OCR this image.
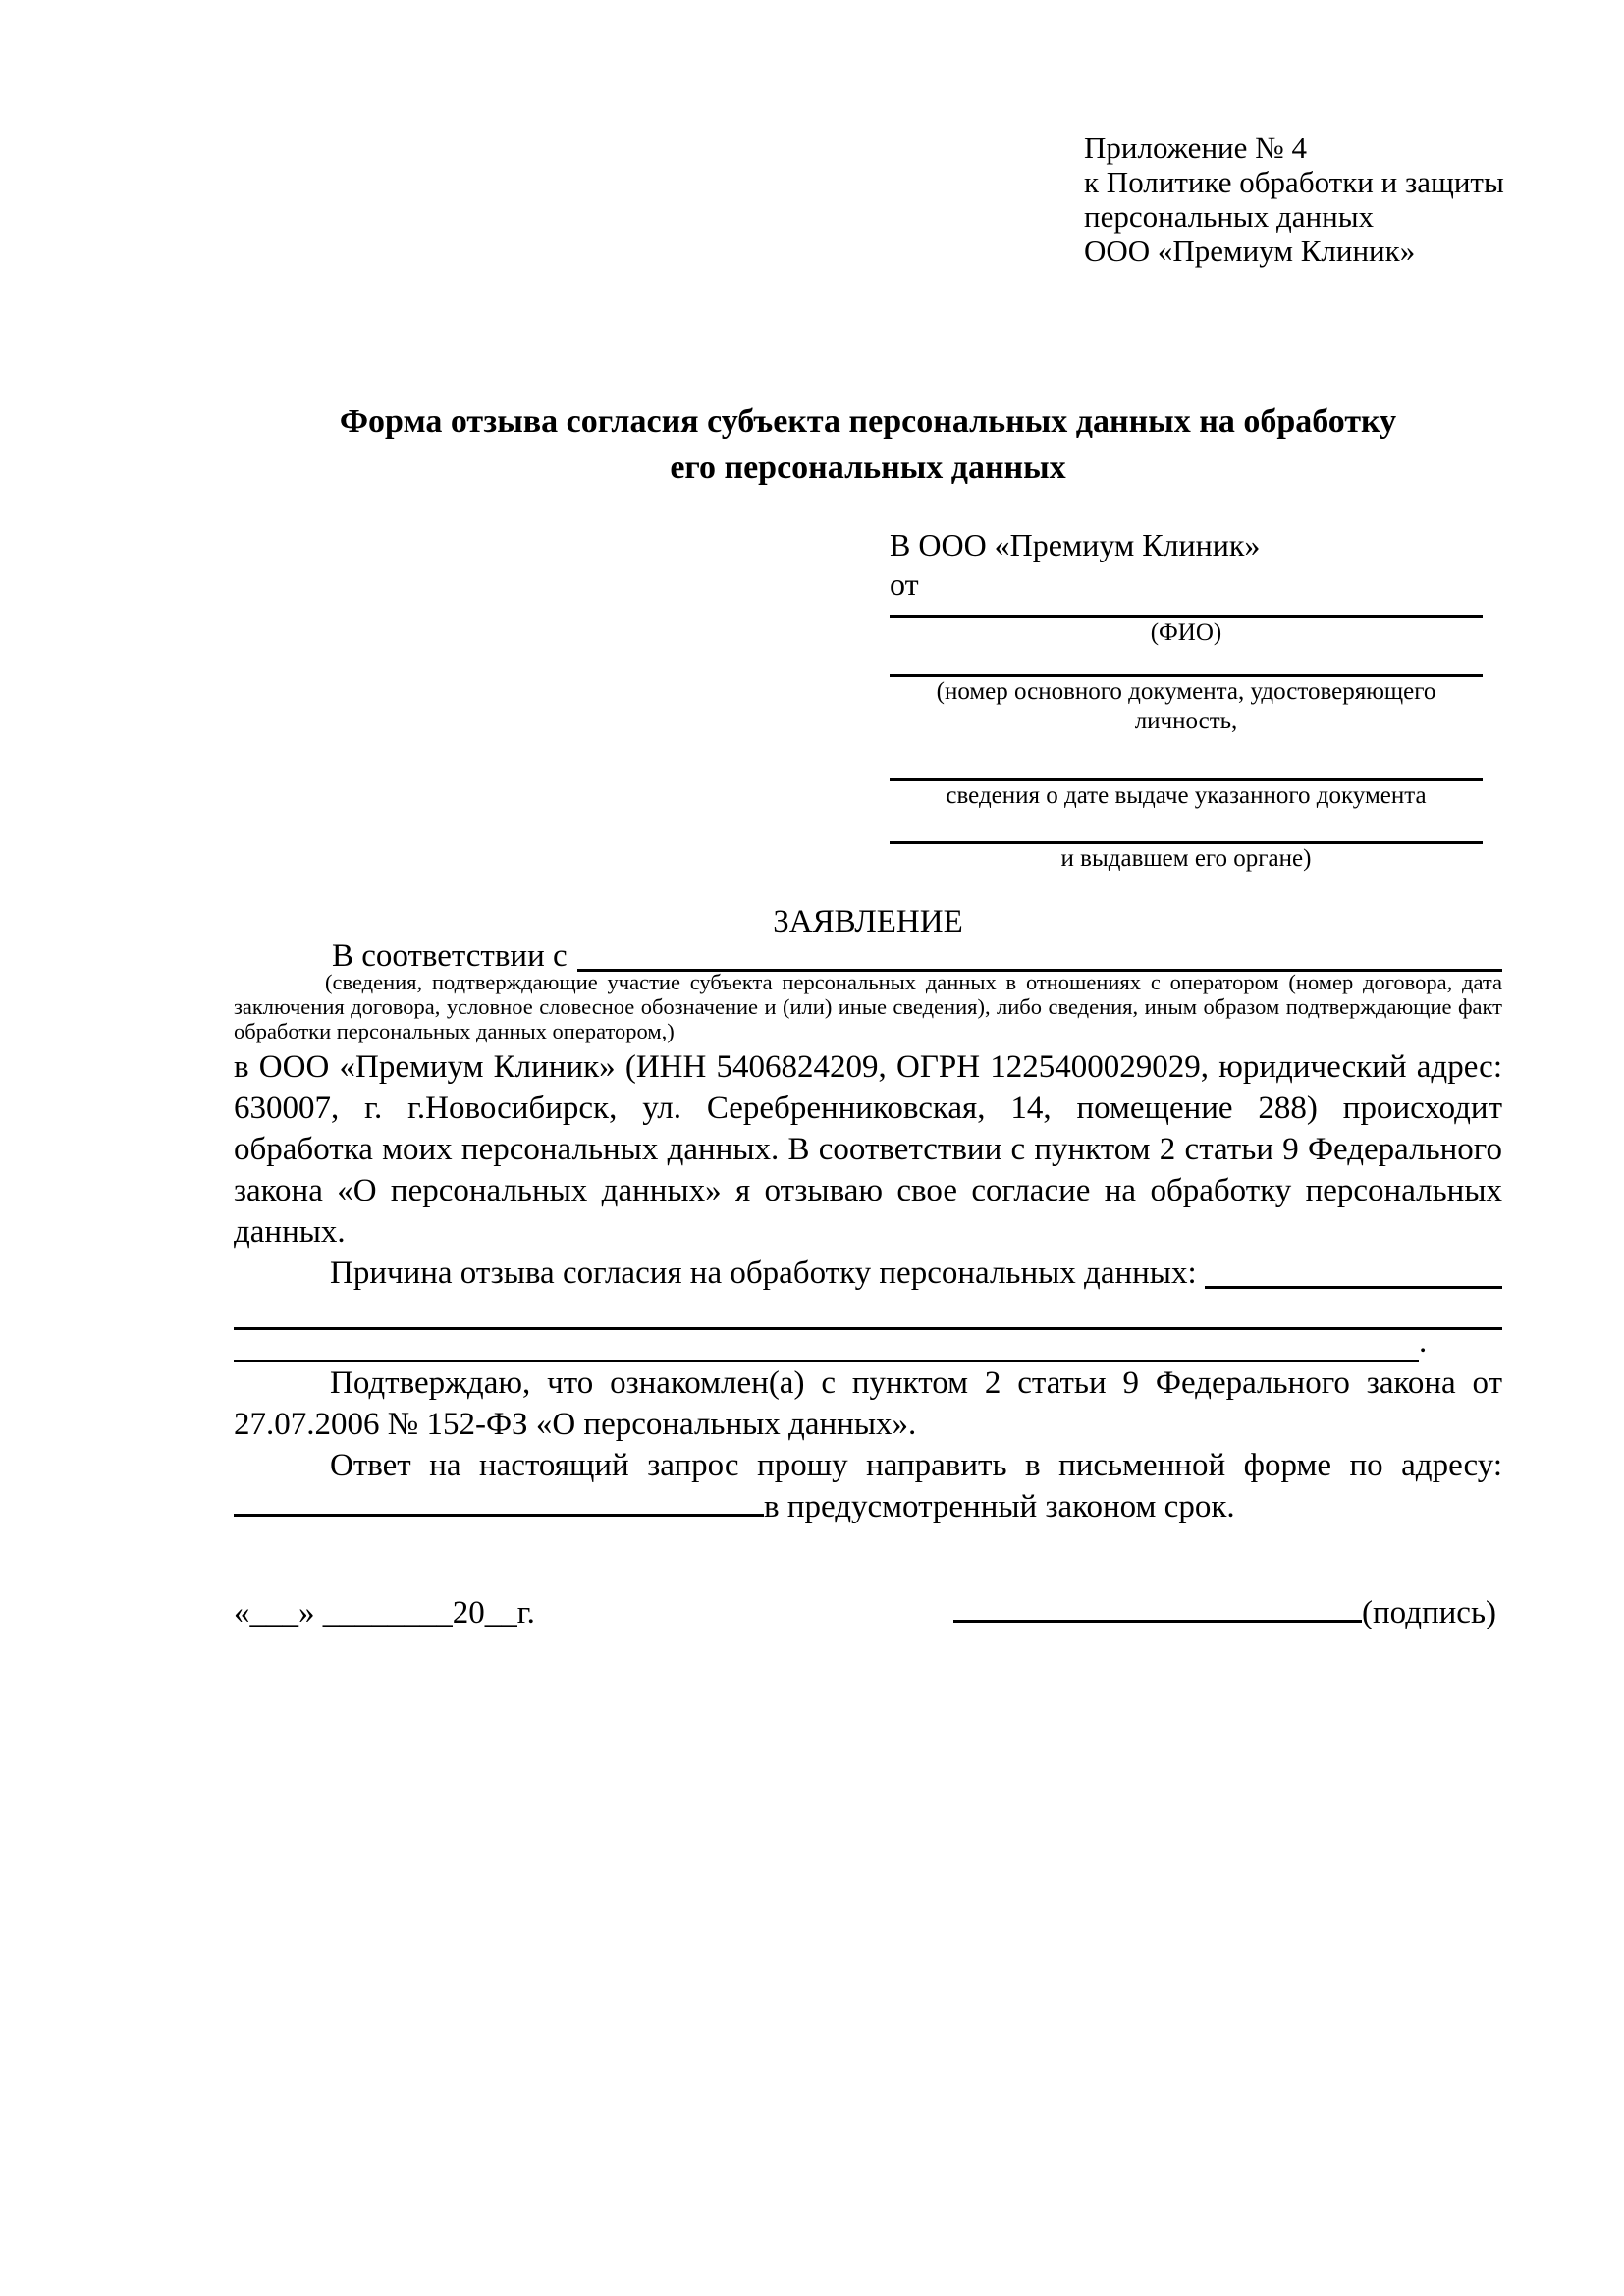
Приложение № 4
к Политике обработки и защиты
персональных данных
ООО «Премиум Клиник»
Форма отзыва согласия субъекта персональных данных на обработку
его персональных данных
В ООО «Премиум Клиник»
от
(ФИО)
(номер основного документа, удостоверяющего личность,
сведения о дате выдаче указанного документа
и выдавшем его органе)
ЗАЯВЛЕНИЕ
В соответствии с
(сведения, подтверждающие участие субъекта персональных данных в отношениях с оператором (номер договора, дата заключения договора, условное словесное обозначение и (или) иные сведения), либо сведения, иным образом подтверждающие факт обработки персональных данных оператором,)

в ООО «Премиум Клиник» (ИНН 5406824209, ОГРН 1225400029029, юридический адрес: 630007, г. г.Новосибирск, ул. Серебренниковская, 14, помещение 288) происходит обработка моих персональных данных. В соответствии с пунктом 2 статьи 9 Федерального закона «О персональных данных» я отзываю свое согласие на обработку персональных данных.

Причина отзыва согласия на обработку персональных данных:
.

Подтверждаю, что ознакомлен(а) с пунктом 2 статьи 9 Федерального закона от 27.07.2006 № 152-ФЗ «О персональных данных».

Ответ на настоящий запрос прошу направить в письменной форме по адресу:

в предусмотренный законом срок.
«___» ________20__г.	(подпись)
